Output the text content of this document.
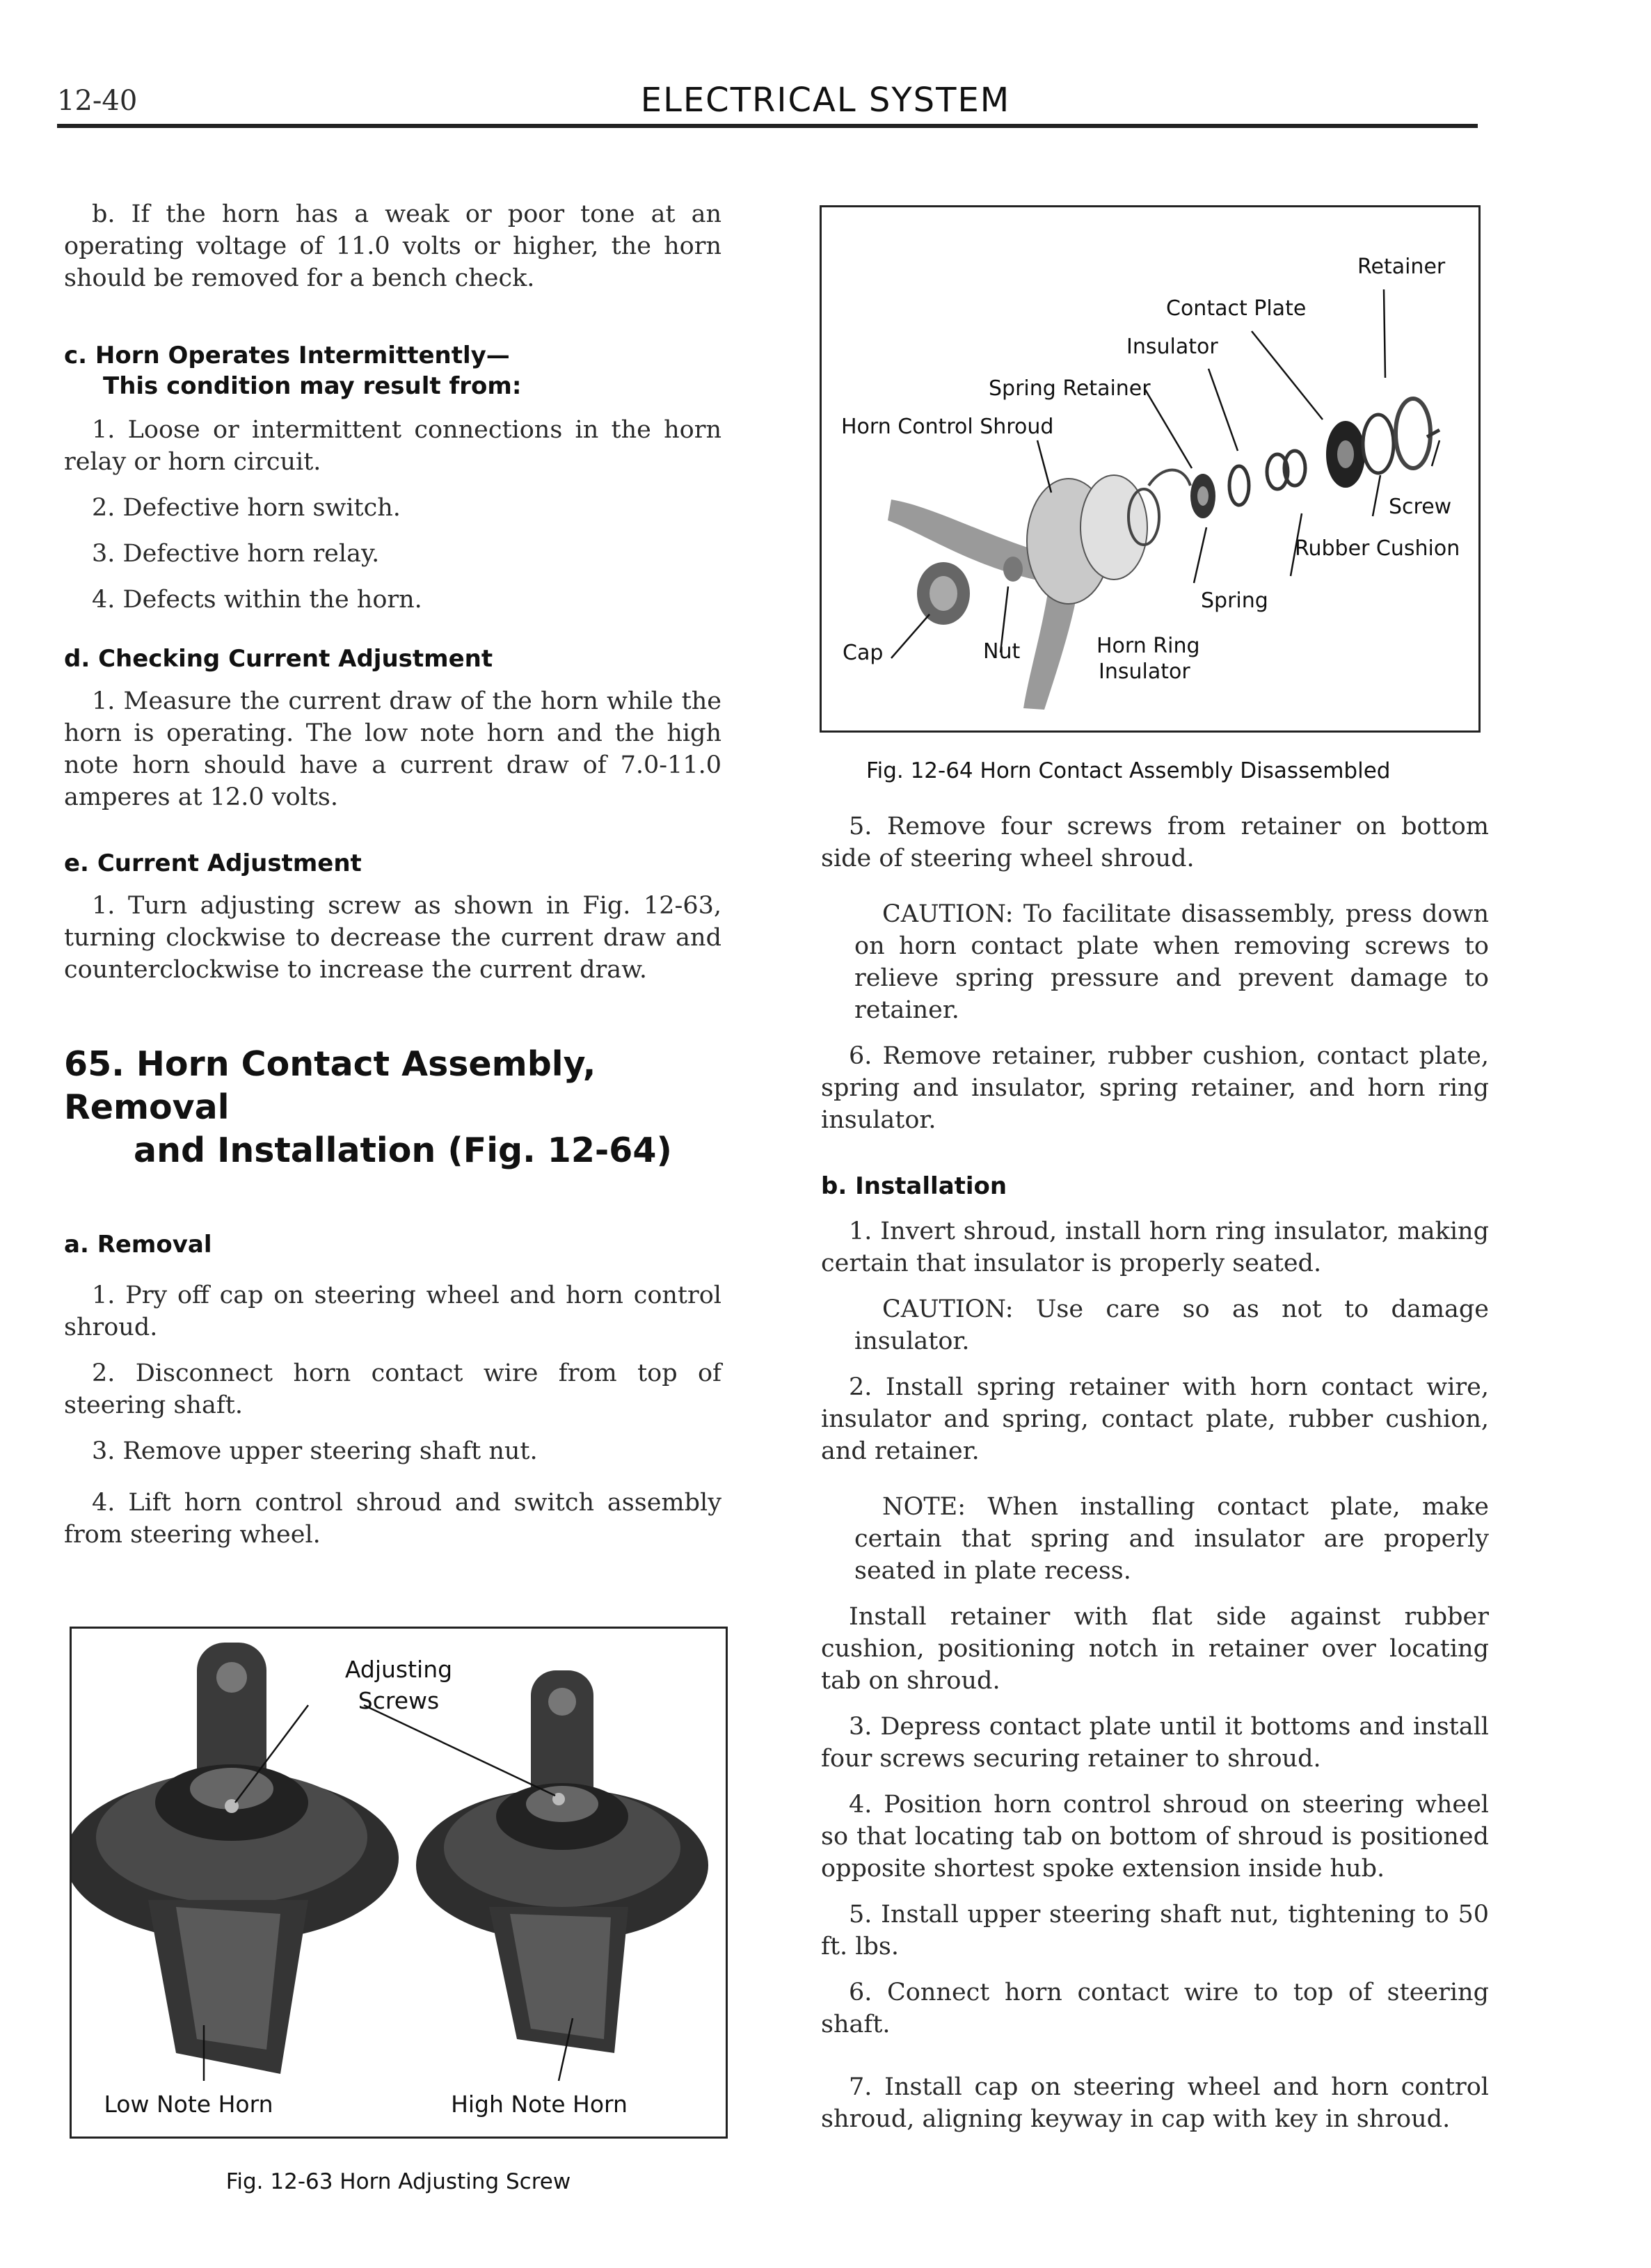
12-40	ELECTRICAL SYSTEM

b. If the horn has a weak or poor tone at an operating voltage of 11.0 volts or higher, the horn should be removed for a bench check.

c. Horn Operates Intermittently—

This condition may result from:

1. Loose or intermittent connections in the horn relay or horn circuit.

2. Defective horn switch.

3. Defective horn relay.

4. Defects within the horn.

d. Checking Current Adjustment

1. Measure the current draw of the horn while the horn is operating. The low note horn and the high note horn should have a current draw of 7.0-11.0 amperes at 12.0 volts.

e. Current Adjustment

1. Turn adjusting screw as shown in Fig. 12-63, turning clockwise to decrease the current draw and counterclockwise to increase the current draw.

65. Horn Contact Assembly, Removal

and Installation (Fig. 12-64)

a. Removal

1. Pry off cap on steering wheel and horn control shroud.

2. Disconnect horn contact wire from top of steering shaft.

3. Remove upper steering shaft nut.

4. Lift horn control shroud and switch assembly from steering wheel.

Adjusting
Screws
Low Note Horn	High Note Horn
Fig. 12-63 Horn Adjusting Screw
Retainer
Contact Plate
Insulator
Spring Retainer
Horn Control Shroud
Screw
Rubber Cushion
Spring
Cap	Nut	Horn Ring
Insulator
Fig. 12-64 Horn Contact Assembly Disassembled

5. Remove four screws from retainer on bottom side of steering wheel shroud.

CAUTION: To facilitate disassembly, press down on horn contact plate when removing screws to relieve spring pressure and prevent damage to retainer.

6. Remove retainer, rubber cushion, contact plate, spring and insulator, spring retainer, and horn ring insulator.

b. Installation

1. Invert shroud, install horn ring insulator, making certain that insulator is properly seated.

CAUTION: Use care so as not to damage insulator.

2. Install spring retainer with horn contact wire, insulator and spring, contact plate, rubber cushion, and retainer.

NOTE: When installing contact plate, make certain that spring and insulator are properly seated in plate recess.

Install retainer with flat side against rubber cushion, positioning notch in retainer over locating tab on shroud.

3. Depress contact plate until it bottoms and install four screws securing retainer to shroud.

4. Position horn control shroud on steering wheel so that locating tab on bottom of shroud is positioned opposite shortest spoke extension inside hub.

5. Install upper steering shaft nut, tightening to 50 ft. lbs.

6. Connect horn contact wire to top of steering shaft.

7. Install cap on steering wheel and horn control shroud, aligning keyway in cap with key in shroud.
